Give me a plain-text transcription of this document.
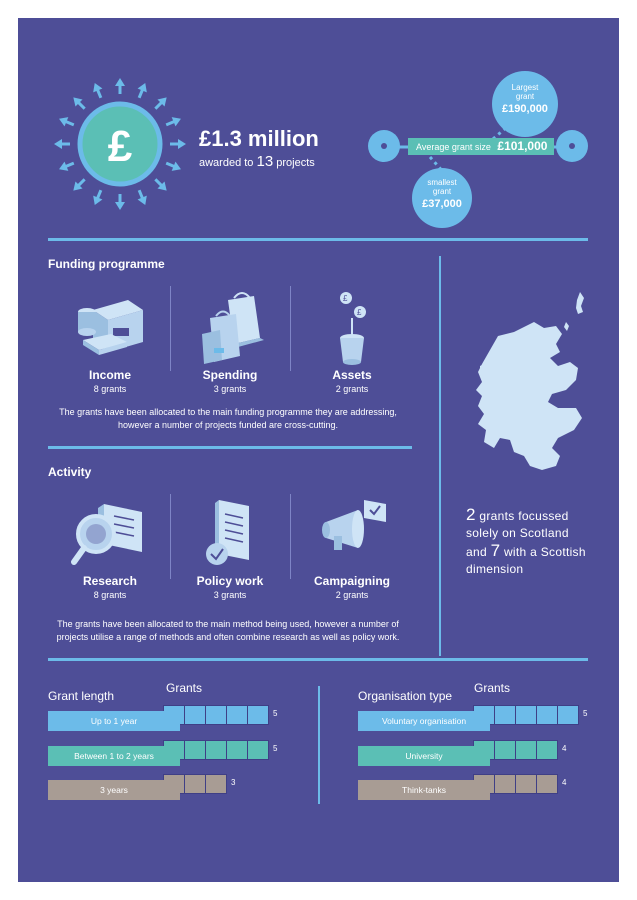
£	£1.3 million
awarded to 13 projects
Average grant size £101,000
Largest grant
£190,000
smallest grant
£37,000
Funding programme
£
£
Income
8 grants
Spending
3 grants
Assets
2 grants
The grants have been allocated to the main funding programme they are addressing,
however a number of projects funded are cross-cutting.
Activity
Research
8 grants
Policy work
3 grants
Campaigning
2 grants
The grants have been allocated to the main method being used, however a number of
projects utilise a range of methods and often combine research as well as policy work.
2 grants focussed
solely on Scotland
and 7 with a Scottish
dimension
Grant length
Grants
Up to 1 year
5
Between 1 to 2 years
5
3 years
3
Organisation type
Grants
Voluntary organisation
5
University
4
Think-tanks
4
